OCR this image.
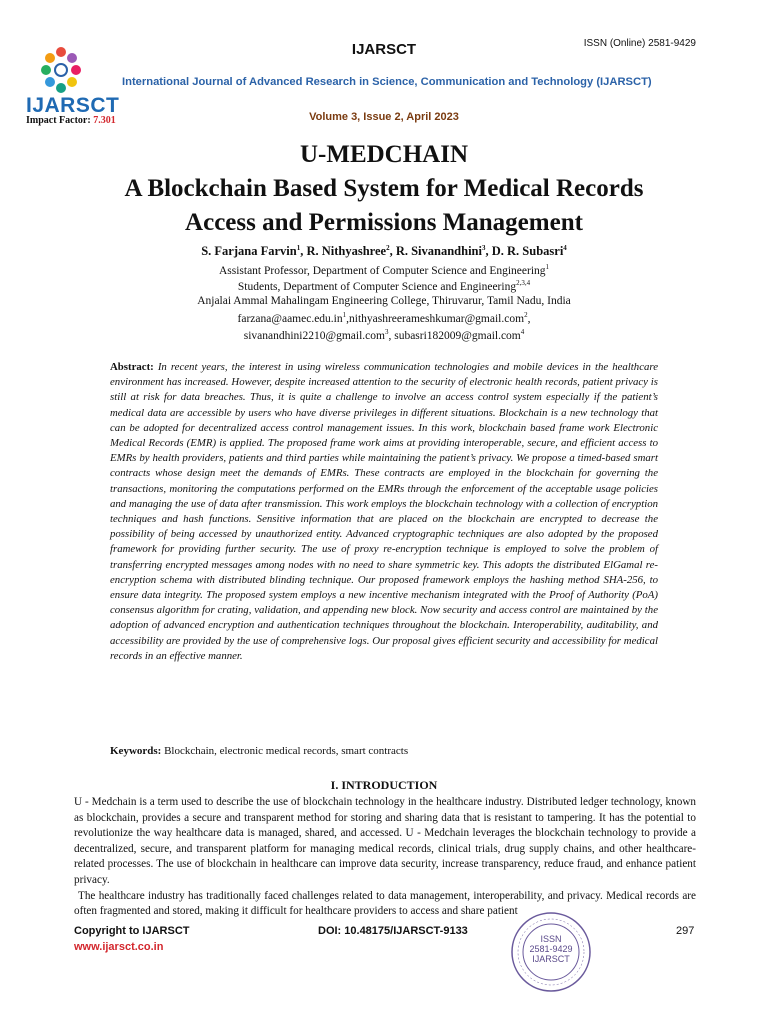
IJARSCT
Impact Factor: 7.301
IJARSCT	ISSN (Online) 2581-9429
International Journal of Advanced Research in Science, Communication and Technology (IJARSCT)
Volume 3, Issue 2, April 2023
U-MEDCHAIN
A Blockchain Based System for Medical Records
Access and Permissions Management
S. Farjana Farvin$^1$, R. Nithyashree$^2$, R. Sivanandhini$^3$, D. R. Subasri$^4$
Assistant Professor, Department of Computer Science and Engineering$^1$
Students, Department of Computer Science and Engineering$^{2,3,4}$
Anjalai Ammal Mahalingam Engineering College, Thiruvarur, Tamil Nadu, India
$farzana@aamec.edu.in^1,nithyashreerameshkumar@gmail.com^2$,
sivanandhini2210@gmail.com$^3$, subasri182009@gmail.com$^4$
Abstract: In recent years, the interest in using wireless communication technologies and mobile devices in the healthcare environment has increased. However, despite increased attention to the security of electronic health records, patient privacy is still at risk for data breaches. Thus, it is quite a challenge to involve an access control system especially if the patient’s medical data are accessible by users who have diverse privileges in different situations. Blockchain is a new technology that can be adopted for decentralized access control management issues. In this work, blockchain based frame work Electronic Medical Records (EMR) is applied. The proposed frame work aims at providing interoperable, secure, and efficient access to EMRs by health providers, patients and third parties while maintaining the patient’s privacy. We propose a timed-based smart contracts whose design meet the demands of EMRs. These contracts are employed in the blockchain for governing the transactions, monitoring the computations performed on the EMRs through the enforcement of the acceptable usage policies and managing the use of data after transmission. This work employs the blockchain technology with a collection of encryption techniques and hash functions. Sensitive information that are placed on the blockchain are encrypted to decrease the possibility of being accessed by unauthorized entity. Advanced cryptographic techniques are also adopted by the proposed framework for providing further security. The use of proxy re-encryption technique is employed to solve the problem of transferring encrypted messages among nodes with no need to share symmetric key. This adopts the distributed ElGamal re-encryption schema with distributed blinding technique. Our proposed framework employs the hashing method SHA-256, to ensure data integrity. The proposed system employs a new incentive mechanism integrated with the Proof of Authority (PoA) consensus algorithm for crating, validation, and appending new block. Now security and access control are maintained by the adoption of advanced encryption and authentication techniques throughout the blockchain. Interoperability, auditability, and accessibility are provided by the use of comprehensive logs. Our proposal gives efficient security and accessibility for medical records in an effective manner.
Keywords: Blockchain, electronic medical records, smart contracts
I. INTRODUCTION

U - Medchain is a term used to describe the use of blockchain technology in the healthcare industry. Distributed ledger technology, known as blockchain, provides a secure and transparent method for storing and sharing data that is resistant to tampering. It has the potential to revolutionize the way healthcare data is managed, shared, and accessed. U - Medchain leverages the blockchain technology to provide a decentralized, secure, and transparent platform for managing medical records, clinical trials, drug supply chains, and other healthcare-related processes. The use of blockchain in healthcare can improve data security, increase transparency, reduce fraud, and enhance patient privacy.

The healthcare industry has traditionally faced challenges related to data management, interoperability, and privacy. Medical records are often fragmented and stored, making it difficult for healthcare providers to access and share patient

Copyright to IJARSCT
www.ijarsct.co.in
DOI: 10.48175/IJARSCT-9133	297
ISSN
2581-9429
IJARSCT
